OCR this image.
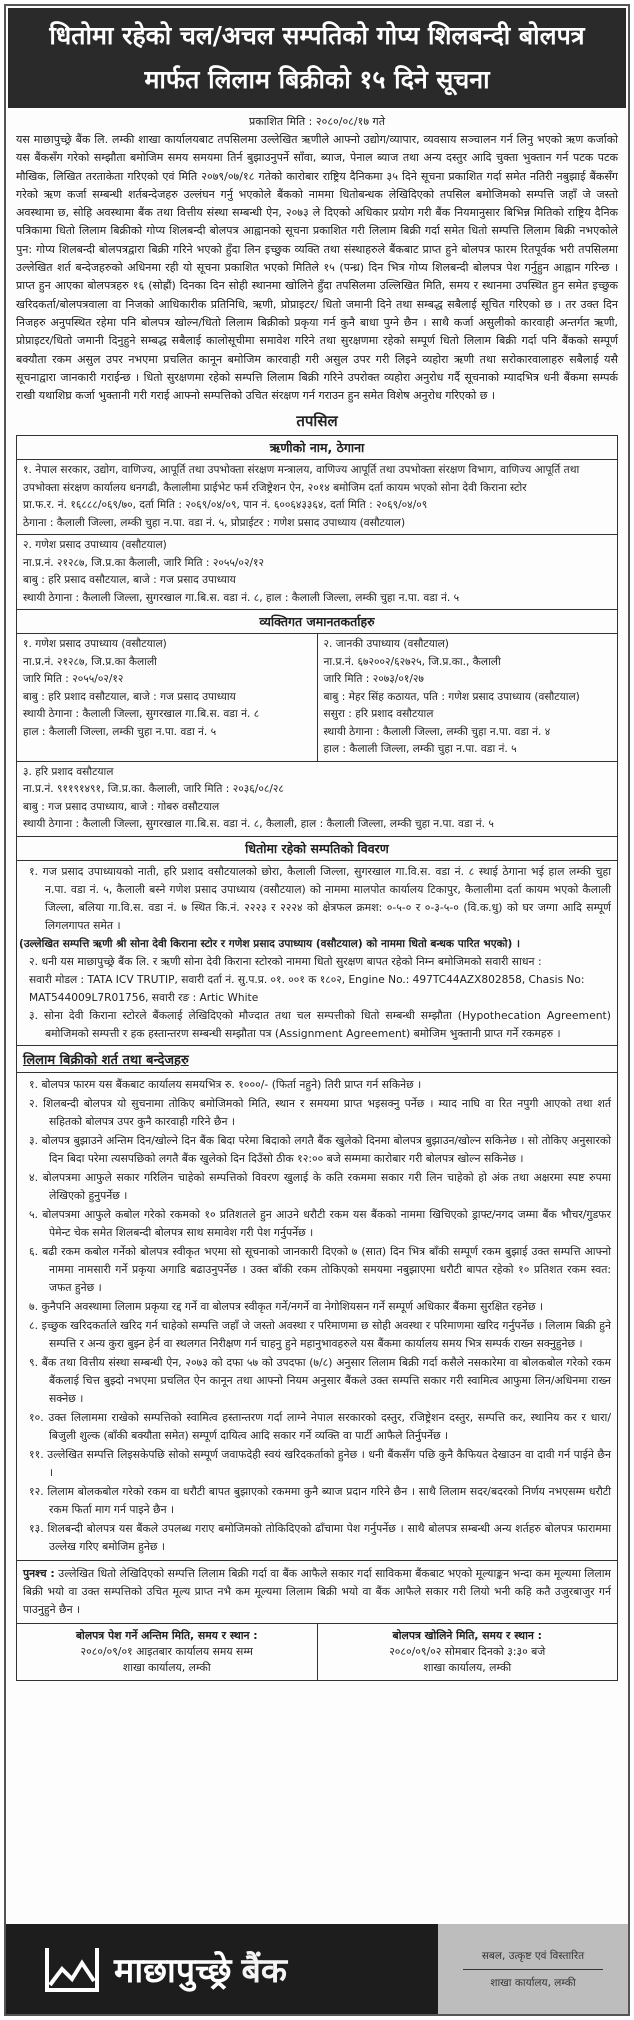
धितोमा रहेको चल/अचल सम्पतिको गोप्य शिलबन्दी बोलपत्र
मार्फत लिलाम बिक्रीको १५ दिने सूचना
प्रकाशित मिति : २०८०/०८/१७ गते

यस माछापुच्छ्रे बैंक लि. लम्की शाखा कार्यालयबाट तपसिलमा उल्लेखित ऋणीले आफ्नो उद्योग/व्यापार, व्यवसाय सञ्चालन गर्न लिनु भएको ऋण कर्जाको यस बैंकसँग गरेको सम्झौता बमोजिम समय समयमा तिर्न बुझाउनुपर्ने साँवा, ब्याज, पेनाल ब्याज तथा अन्य दस्तुर आदि चुक्ता भुक्तान गर्न पटक पटक मौखिक, लिखित तरताकेता गरिएको एवं मिति २०७९/०७/१८ गतेको कारोबार राष्ट्रिय दैनिकमा ३५ दिने सूचना प्रकाशित गर्दा समेत नतिरी नबुझाई बैंकसँग गरेको ऋण कर्जा सम्बन्धी शर्तबन्देजहरु उल्लंघन गर्नु भएकोले बैंकको नाममा धितोबन्धक लेखिदिएको तपसिल बमोजिमको सम्पत्ति जहाँ जे जस्तो अवस्थामा छ, सोहि अवस्थामा बैंक तथा वित्तीय संस्था सम्बन्धी ऐन, २०७३ ले दिएको अधिकार प्रयोग गरी बैंक नियमानुसार बिभिन्न मितिको राष्ट्रिय दैनिक पत्रिकामा धितो लिलाम बिक्रीको गोप्य शिलबन्दी बोलपत्र आह्वानको सूचना प्रकाशित गरी लिलाम बिक्री गर्दा समेत धितो सम्पत्ति लिलाम बिक्री नभएकोले पुन: गोप्य शिलबन्दी बोलपत्रद्वारा बिक्री गरिने भएको हुँदा लिन इच्छुक व्यक्ति तथा संस्थाहरुले बैंकबाट प्राप्त हुने बोलपत्र फारम रितपूर्वक भरी तपसिलमा उल्लेखित शर्त बन्देजहरुको अधिनमा रही यो सूचना प्रकाशित भएको मितिले १५ (पन्ध्र) दिन भित्र गोप्य शिलबन्दी बोलपत्र पेश गर्नुहुन आह्वान गरिन्छ । प्राप्त हुन आएका बोलपत्रहरु १६ (सोह्रौं) दिनका दिन सोही स्थानमा खोलिने हुँदा तपसिलमा उल्लिखित मिति, समय र स्थानमा उपस्थित हुन समेत इच्छुक खरिदकर्ता/बोलपत्रवाला वा निजको आधिकारीक प्रतिनिधि, ऋणी, प्रोप्राइटर/ धितो जमानी दिने तथा सम्बद्ध सबैलाई सूचित गरिएको छ । तर उक्त दिन निजहरु अनुपस्थित रहेमा पनि बोलपत्र खोल्न/धितो लिलाम बिक्रीको प्रकृया गर्न कुनै बाधा पुग्ने छैन । साथै कर्जा असुलीको कारवाही अन्तर्गत ऋणी, प्रोप्राइटर/धितो जमानी दिनुहुने सम्बद्ध सबैलाई कालोसूचीमा समावेश गरिने तथा सुरक्षणमा रहेको सम्पूर्ण धितो लिलाम बिक्री गर्दा पनि बैंकको सम्पूर्ण बक्यौता रकम असुल उपर नभएमा प्रचलित कानून बमोजिम कारवाही गरी असुल उपर गरी लिइने व्यहोरा ऋणी तथा सरोकारवालाहरु सबैलाई यसै सूचनाद्वारा जानकारी गराईन्छ । धितो सुरक्षणमा रहेको सम्पत्ति लिलाम बिक्री गरिने उपरोक्त व्यहोरा अनुरोध गर्दै सूचनाको म्यादभित्र धनी बैंकमा सम्पर्क राखी यथाशिघ्र कर्जा भुक्तानी गरी गराई आफ्नो सम्पत्तिको उचित संरक्षण गर्न गराउन हुन समेत विशेष अनुरोध गरिएको छ ।

तपसिल
ऋणीको नाम, ठेगाना
१. नेपाल सरकार, उद्योग, वाणिज्य, आपूर्ति तथा उपभोक्ता संरक्षण मन्त्रालय, वाणिज्य आपूर्ति तथा उपभोक्ता संरक्षण विभाग, वाणिज्य आपूर्ति तथा उपभोक्ता संरक्षण कार्यालय धनगढी, कैलालीमा प्राईभेट फर्म रजिष्ट्रेशन ऐन, २०१४ बमोजिम दर्ता कायम भएको सोना देवी किराना स्टोर
प्रा.फ.र. नं. १६८८८/०६९/७०, दर्ता मिति : २०६९/०४/०९, पान नं. ६००६४३३६४, दर्ता मिति : २०६९/०४/०९
ठेगाना : कैलाली जिल्ला, लम्की चुहा न.पा. वडा नं. ५, प्रोप्राईटर : गणेश प्रसाद उपाध्याय (वसौटयाल)
२. गणेश प्रसाद उपाध्याय (वसौटयाल)
ना.प्र.नं. २१२८७, जि.प्र.का कैलाली, जारि मिति : २०५५/०२/१२
बाबु : हरि प्रसाद वसौटयाल, बाजे : गज प्रसाद उपाध्याय
स्थायी ठेगाना : कैलाली जिल्ला, सुगरखाल गा.बि.स. वडा नं. ८, हाल : कैलाली जिल्ला, लम्की चुहा न.पा. वडा नं. ५
व्यक्तिगत जमानतकर्ताहरु
१. गणेश प्रसाद उपाध्याय (वसौटयाल)
ना.प्र.नं. २१२८७, जि.प्र.का कैलाली
जारि मिति : २०५५/०२/१२
बाबु : हरि प्रशाद वसौटयाल, बाजे : गज प्रसाद उपाध्याय
स्थायी ठेगाना : कैलाली जिल्ला, सुगरखाल गा.बि.स. वडा नं. ८
हाल : कैलाली जिल्ला, लम्की चुहा न.पा. वडा नं. ५
२. जानकी उपाध्याय (वसौटयाल)
ना.प्र.नं. ६७२००२/६२७२५, जि.प्र.का., कैलाली
जारि मिति : २०७३/०१/२७
बाबु : मेहर सिंह कठायत, पति : गणेश प्रसाद उपाध्याय (वसौटयाल)
ससुरा : हरि प्रशाद वसौटयाल
स्थायी ठेगाना : कैलाली जिल्ला, लम्की चुहा न.पा. वडा नं. ४
हाल : कैलाली जिल्ला, लम्की चुहा न.पा. वडा नं. ५
३. हरि प्रशाद वसौटयाल
ना.प्र.नं. ९११९१४९१, जि.प्र.का. कैलाली, जारि मिति : २०३६/०८/२८
बाबु : गज प्रसाद उपाध्याय, बाजे : गोबरु वसौटयाल
स्थायी ठेगाना : कैलाली जिल्ला, सुगरखाल गा.बि.स. वडा नं. ८, कैलाली, हाल : कैलाली जिल्ला, लम्की चुहा न.पा. वडा नं. ५
धितोमा रहेको सम्पतिको विवरण

१. गज प्रसाद उपाध्यायको नाती, हरि प्रशाद वसौटयालको छोरा, कैलाली जिल्ला, सुगरखाल गा.वि.स. वडा नं. ८ स्थाई ठेगाना भई हाल लम्की चुहा न.पा. वडा नं. ५, कैलाली बस्ने गणेश प्रसाद उपाध्याय (वसौटयाल) को नाममा मालपोत कार्यालय टिकापुर, कैलालीमा दर्ता कायम भएको कैलाली जिल्ला, बलिया गा.वि.स. वडा नं. ७ स्थित कि.नं. २२२३ र २२२४ को क्षेत्रफल क्रमश: ०-५-० र ०-३-५-० (वि.क.धु) को घर जग्गा आदि सम्पूर्ण लिगलगापत समेत ।

(उल्लेखित सम्पत्ति ऋणी श्री सोना देवी किराना स्टोर र गणेश प्रसाद उपाध्याय (वसौटयाल) को नाममा धितो बन्धक पारित भएको) ।

२. धनी यस माछापुच्छ्रे बैंक लि. र ऋणी सोना देवी किराना स्टोरको नाममा धितो सुरक्षण बापत रहेको निम्न बमोजिमको सवारी साधन :

सवारी मोडल : TATA ICV TRUTIP, सवारी दर्ता नं. सु.प.प्र. ०१. ००१ क १८०२, Engine No.: 497TC44AZX802858, Chasis No: MAT544009L7R01756, सवारी रङ : Artic White

३. सोना देवी किराना स्टोरले बैंकलाई लेखिदिएको मौज्दात तथा चल सम्पत्तीको धितो सम्बन्धी सम्झौता (Hypothecation Agreement) बमोजिमको सम्पत्ती र हक हस्तान्तरण सम्बन्धी सम्झौता पत्र (Assignment Agreement) बमोजिम भुक्तानी प्राप्त गर्ने रकमहरु ।

लिलाम बिक्रीको शर्त तथा बन्देजहरु

१. बोलपत्र फारम यस बैंकबाट कार्यालय समयभित्र रु. १०००/- (फिर्ता नहुने) तिरी प्राप्त गर्न सकिनेछ ।

२. शिलबन्दी बोलपत्र यो सुचनामा तोकिए बमोजिमको मिति, स्थान र समयमा प्राप्त भइसक्नु पर्नेछ । म्याद नाघि वा रित नपुगी आएको तथा शर्त सहितको बोलपत्र उपर कुनै कारवाही गरिने छैन ।

३. बोलपत्र बुझाउने अन्तिम दिन/खोल्ने दिन बैंक बिदा परेमा बिदाको लगतै बैंक खुलेको दिनमा बोलपत्र बुझाउन/खोल्न सकिनेछ । सो तोकिए अनुसारको दिन बिदा परेमा त्यसपछिको लगतै बैंक खुलेको दिन दिउँसो ठीक १२:०० बजे सम्ममा कारोबार गरी बोलपत्र खोल्न सकिनेछ ।

४. बोलपत्रमा आफुले सकार गरिलिन चाहेको सम्पत्तिको विवरण खुलाई के कति रकममा सकार गरी लिन चाहेको हो अंक तथा अक्षरमा स्पष्ट रुपमा लेखिएको हुनुपर्नेछ ।

५. बोलपत्रमा आफुले कबोल गरेको रकमको १० प्रतिशतले हुन आउने धरौटी रकम यस बैंकको नाममा खिचिएको ड्राफ्ट/नगद जम्मा बैंक भौचर/गुडफर पेमेन्ट चेक समेत शिलबन्दी बोलपत्र साथ समावेश गरी पेश गर्नुपर्नेछ ।

६. बढी रकम कबोल गर्नेको बोलपत्र स्वीकृत भएमा सो सूचनाको जानकारी दिएको ७ (सात) दिन भित्र बाँकी सम्पूर्ण रकम बुझाई उक्त सम्पत्ति आफ्नो नाममा नामसारी गर्ने प्रकृया अगाडि बढाउनुपर्नेछ । उक्त बाँकी रकम तोकिएको समयमा नबुझाएमा धरौटी बापत रहेको १० प्रतिशत रकम स्वत: जफत हुनेछ ।

७. कुनैपनि अवस्थामा लिलाम प्रकृया रद्द गर्ने वा बोलपत्र स्वीकृत गर्ने/नगर्ने वा नेगोशियसन गर्ने सम्पूर्ण अधिकार बैंकमा सुरक्षित रहनेछ ।

८. इच्छुक खरिदकर्ताले खरिद गर्न चाहेको सम्पत्ति जहाँ जे जस्तो अवस्था र परिमाणमा छ सोही अवस्था र परिमाणमा खरिद गर्नुपर्नेछ । लिलाम बिक्री हुने सम्पत्ति र अन्य कुरा बुझ्न हेर्न वा स्थलगत निरीक्षण गर्न चाहनु हुने महानुभावहरुले यस बैंकमा कार्यालय समय भित्र सम्पर्क राख्न सक्नुहुनेछ ।

९. बैंक तथा वित्तीय संस्था सम्बन्धी ऐन, २०७३ को दफा ५७ को उपदफा (७/८) अनुसार लिलाम बिक्री गर्दा कसैले नसकारेमा वा बोलकबोल गरेको रकम बैंकलाई चित्त बुझ्दो नभएमा प्रचलित ऐन कानून तथा आफ्नो नियम अनुसार बैंकले उक्त सम्पत्ति सकार गरी स्वामित्व आफुमा लिन/अधिनमा राख्न सक्नेछ ।

१०. उक्त लिलाममा राखेको सम्पत्तिको स्वामित्व हस्तान्तरण गर्दा लाग्ने नेपाल सरकारको दस्तुर, रजिष्ट्रेशन दस्तुर, सम्पत्ति कर, स्थानिय कर र धारा/बिजुली शुल्क (बाँकी बक्यौता समेत) सम्पूर्ण दायित्व आदि सकार गर्ने व्यक्ति वा पार्टी आफैले तिर्नुपर्नेछ ।

११. उल्लेखित सम्पत्ति लिइसकेपछि सोको सम्पूर्ण जवाफदेही स्वयं खरिदकर्ताको हुनेछ । धनी बैंकसँग पछि कुनै कैफियत देखाउन वा दावी गर्न पाईने छैन ।

१२. लिलाम बोलकबोल गरेको रकम वा धरौटी बापत बुझाएको रकममा कुनै ब्याज प्रदान गरिने छैन । साथै लिलाम सदर/बदरको निर्णय नभएसम्म धरौटी रकम फिर्ता माग गर्न पाइने छैन ।

१३. शिलबन्दी बोलपत्र यस बैंकले उपलब्ध गराए बमोजिमको तोकिदिएको ढाँचामा पेश गर्नुपर्नेछ । साथै बोलपत्र सम्बन्धी अन्य शर्तहरु बोलपत्र फाराममा उल्लेख गरिए बमोजिम हुनेछ ।

पुनश्च : उल्लेखित धितो लेखिदिएको सम्पत्ति लिलाम बिक्री गर्दा वा बैंक आफैले सकार गर्दा साविकमा बैंकबाट भएको मूल्याङ्कन भन्दा कम मूल्यमा लिलाम बिक्री भयो वा उक्त सम्पत्तिको उचित मूल्य प्राप्त नभै कम मूल्यमा लिलाम बिक्री भयो वा बैंक आफैले सकार गरी लियो भनी कहि कतै उजुरबाजुर गर्न पाउनुहुने छैन ।
बोलपत्र पेश गर्ने अन्तिम मिति, समय र स्थान :
२०८०/०९/०१ आइतबार कार्यालय समय सम्म
शाखा कार्यालय, लम्की
बोलपत्र खोलिने मिति, समय र स्थान :
२०८०/०९/०२ सोमबार दिनको ३:३० बजे
शाखा कार्यालय, लम्की
माछापुच्छ्रे बैंक	सबल, उत्कृष्ट एवं विस्तारित
शाखा कार्यालय, लम्की
